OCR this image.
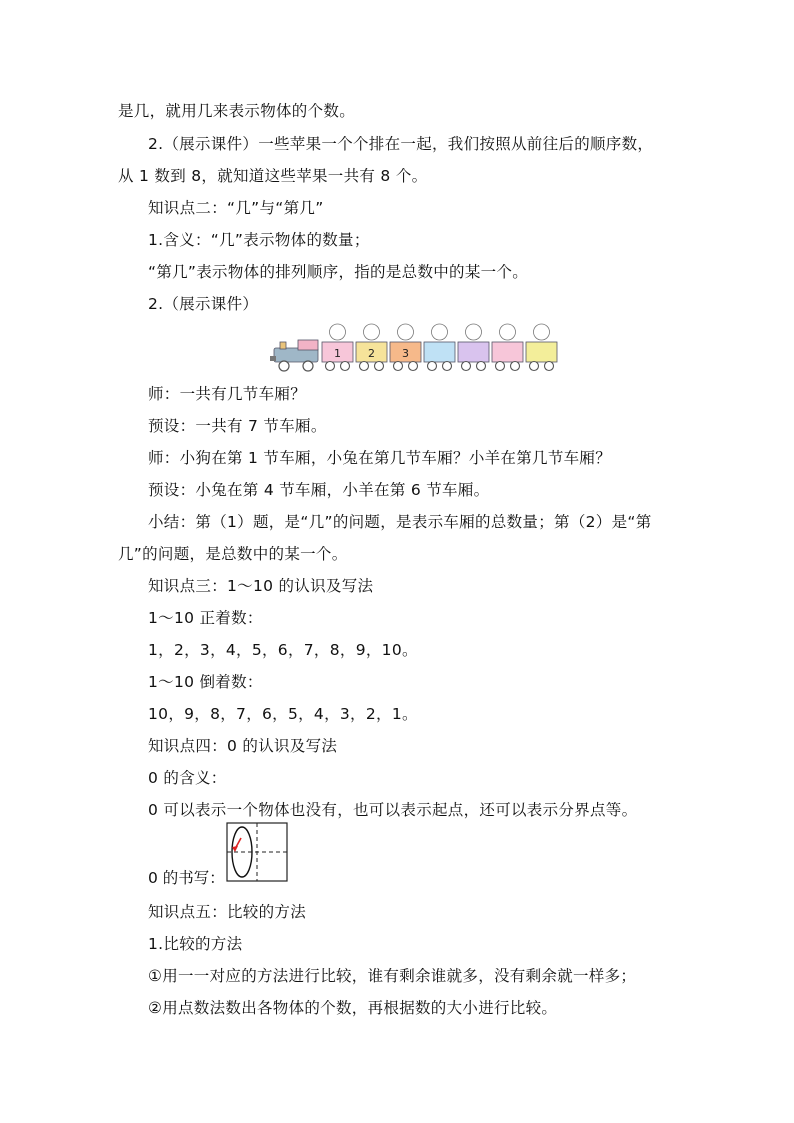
是几，就用几来表示物体的个数。
2.（展示课件）一些苹果一个个排在一起，我们按照从前往后的顺序数，
从 1 数到 8，就知道这些苹果一共有 8 个。
知识点二：“几”与“第几”
1.含义：“几”表示物体的数量；
“第几”表示物体的排列顺序，指的是总数中的某一个。
2.（展示课件）
1 2 3
师：一共有几节车厢？
预设：一共有 7 节车厢。
师：小狗在第 1 节车厢，小兔在第几节车厢？小羊在第几节车厢？
预设：小兔在第 4 节车厢，小羊在第 6 节车厢。
小结：第（1）题，是“几”的问题，是表示车厢的总数量；第（2）是“第
几”的问题，是总数中的某一个。
知识点三：1～10 的认识及写法
1～10 正着数：
1，2，3，4，5，6，7，8，9，10。
1～10 倒着数：
10，9，8，7，6，5，4，3，2，1。
知识点四：0 的认识及写法
0 的含义：
0 可以表示一个物体也没有，也可以表示起点，还可以表示分界点等。
0 的书写：
知识点五：比较的方法
1.比较的方法
①用一一对应的方法进行比较，谁有剩余谁就多，没有剩余就一样多；
②用点数法数出各物体的个数，再根据数的大小进行比较。
